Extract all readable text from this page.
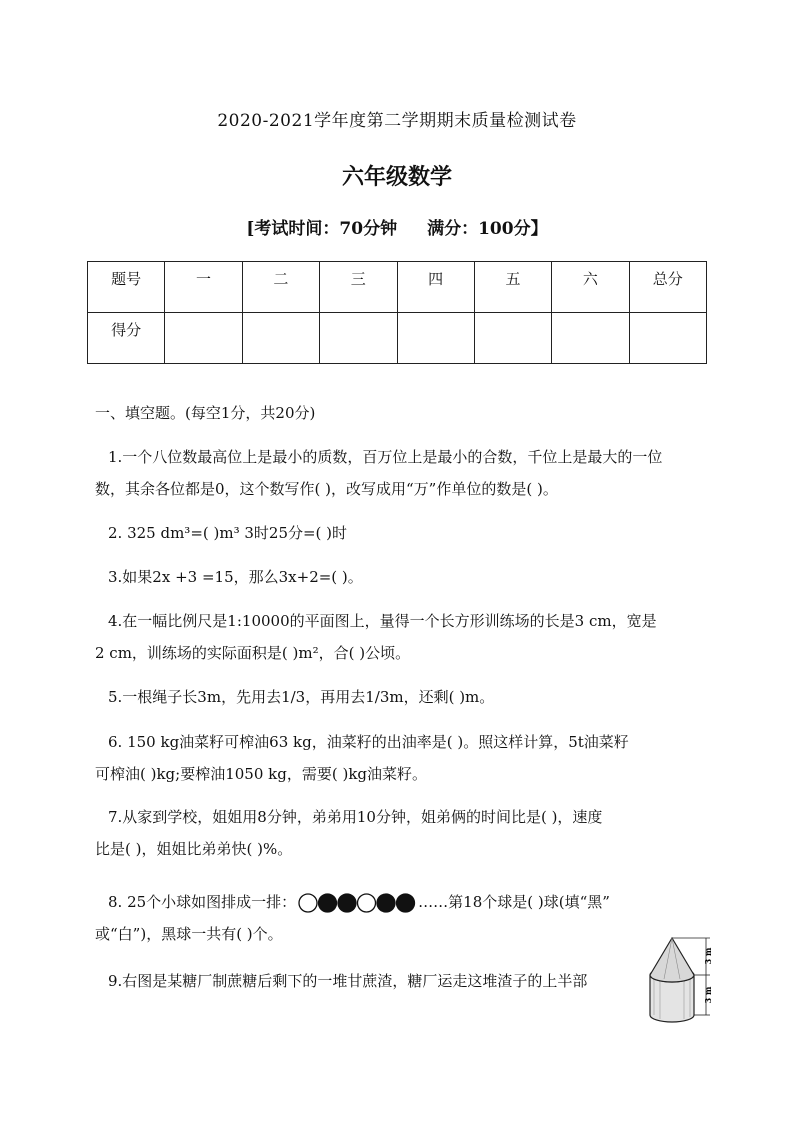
2020-2021学年度第二学期期末质量检测试卷
六年级数学
[考试时间：70分钟 满分：100分】
题号	一	二	三	四	五	六	总分
得分							
一、填空题。(每空1分，共20分)
1.一个八位数最高位上是最小的质数，百万位上是最小的合数，千位上是最大的一位
数，其余各位都是0，这个数写作( )，改写成用“万”作单位的数是( )。
2. 325 dm³=( )m³ 3时25分=( )时
3.如果2x +3 =15，那么3x+2=( )。
4.在一幅比例尺是1:10000的平面图上，量得一个长方形训练场的长是3 cm，宽是
2 cm，训练场的实际面积是( )m²，合( )公顷。
5.一根绳子长3m，先用去1/3，再用去1/3m，还剩( )m。
6. 150 kg油菜籽可榨油63 kg，油菜籽的出油率是( )。照这样计算，5t油菜籽
可榨油( )kg;要榨油1050 kg，需要( )kg油菜籽。
7.从家到学校，姐姐用8分钟，弟弟用10分钟，姐弟俩的时间比是( )，速度
比是( )，姐姐比弟弟快( )%。
8. 25个小球如图排成一排：	……第18个球是( )球(填“黑”
或“白”)，黑球一共有( )个。
9.右图是某糖厂制蔗糖后剩下的一堆甘蔗渣，糖厂运走这堆渣子的上半部
3 m
3 m
